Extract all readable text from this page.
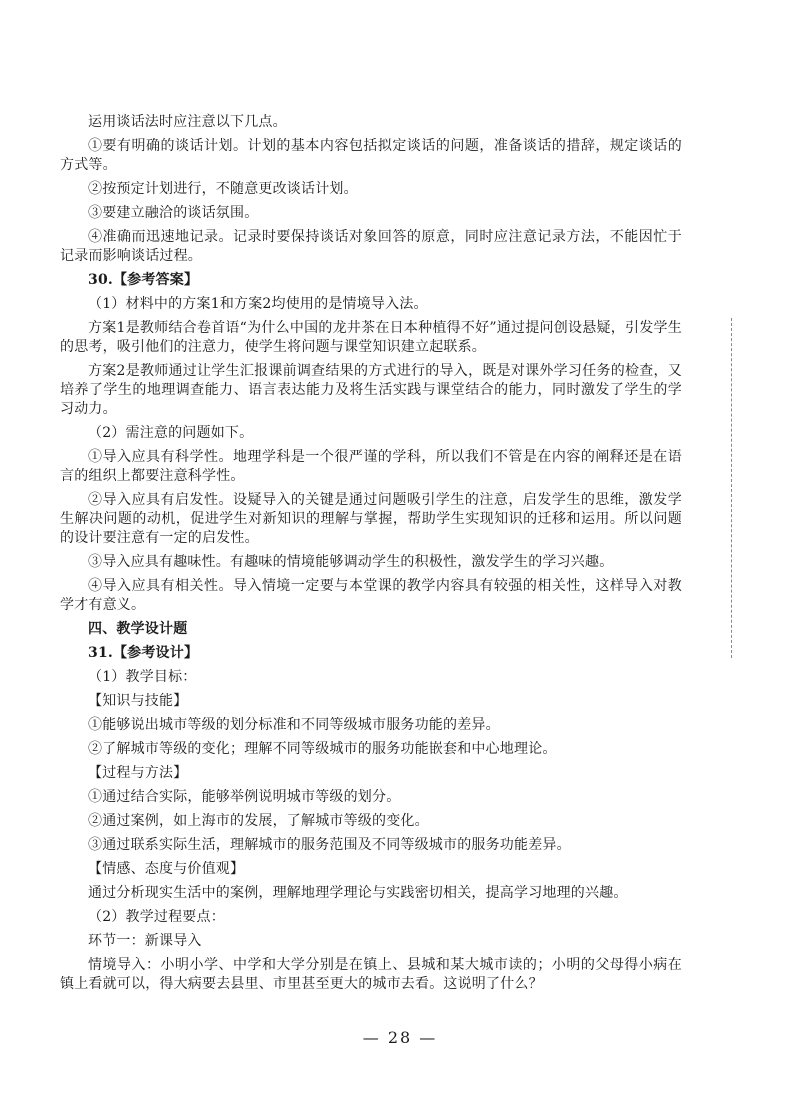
运用谈话法时应注意以下几点。

①要有明确的谈话计划。计划的基本内容包括拟定谈话的问题，准备谈话的措辞，规定谈话的方式等。

②按预定计划进行，不随意更改谈话计划。

③要建立融洽的谈话氛围。

④准确而迅速地记录。记录时要保持谈话对象回答的原意，同时应注意记录方法，不能因忙于记录而影响谈话过程。

30.【参考答案】

（1）材料中的方案1和方案2均使用的是情境导入法。

方案1是教师结合卷首语“为什么中国的龙井茶在日本种植得不好”通过提问创设悬疑，引发学生的思考，吸引他们的注意力，使学生将问题与课堂知识建立起联系。

方案2是教师通过让学生汇报课前调查结果的方式进行的导入，既是对课外学习任务的检查，又培养了学生的地理调查能力、语言表达能力及将生活实践与课堂结合的能力，同时激发了学生的学习动力。

（2）需注意的问题如下。

①导入应具有科学性。地理学科是一个很严谨的学科，所以我们不管是在内容的阐释还是在语言的组织上都要注意科学性。

②导入应具有启发性。设疑导入的关键是通过问题吸引学生的注意，启发学生的思维，激发学生解决问题的动机，促进学生对新知识的理解与掌握，帮助学生实现知识的迁移和运用。所以问题的设计要注意有一定的启发性。

③导入应具有趣味性。有趣味的情境能够调动学生的积极性，激发学生的学习兴趣。

④导入应具有相关性。导入情境一定要与本堂课的教学内容具有较强的相关性，这样导入对教学才有意义。

四、教学设计题

31.【参考设计】

（1）教学目标：

【知识与技能】

①能够说出城市等级的划分标准和不同等级城市服务功能的差异。

②了解城市等级的变化；理解不同等级城市的服务功能嵌套和中心地理论。

【过程与方法】

①通过结合实际，能够举例说明城市等级的划分。

②通过案例，如上海市的发展，了解城市等级的变化。

③通过联系实际生活，理解城市的服务范围及不同等级城市的服务功能差异。

【情感、态度与价值观】

通过分析现实生活中的案例，理解地理学理论与实践密切相关，提高学习地理的兴趣。

（2）教学过程要点：

环节一：新课导入

情境导入：小明小学、中学和大学分别是在镇上、县城和某大城市读的；小明的父母得小病在镇上看就可以，得大病要去县里、市里甚至更大的城市去看。这说明了什么？

— 28 —
